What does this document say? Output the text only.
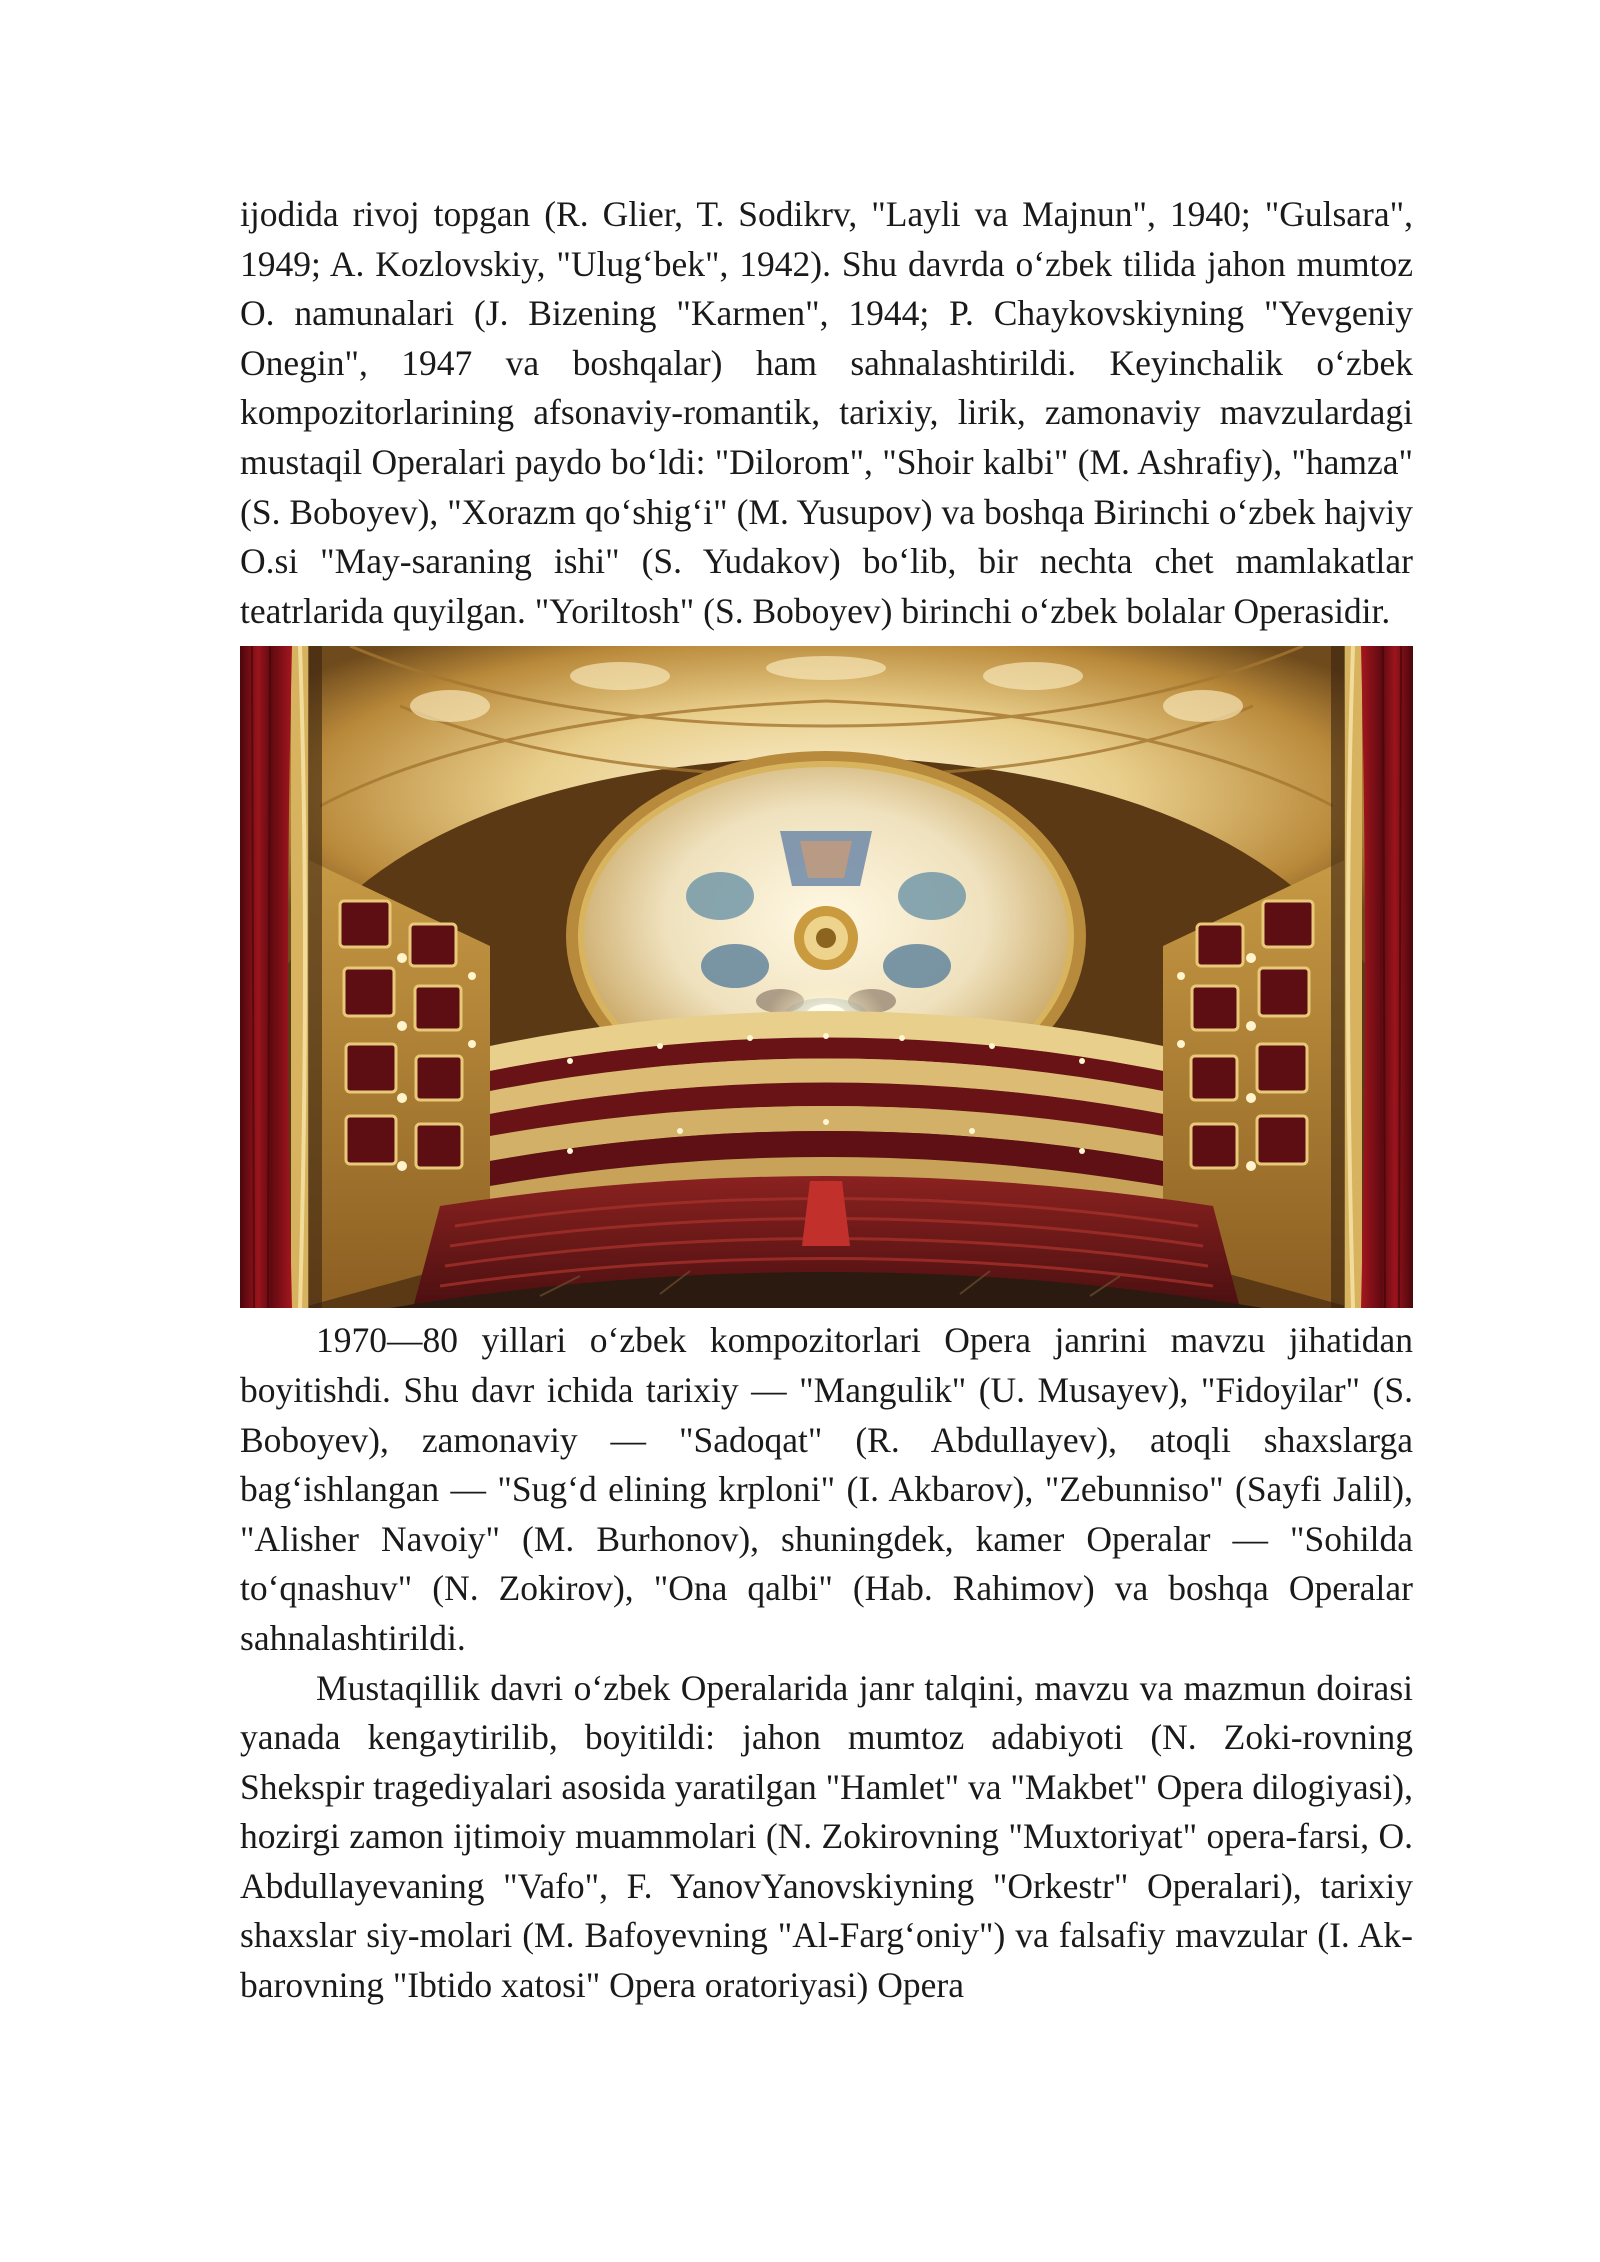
ijodida rivoj topgan (R. Glier, T. Sodikrv, "Layli va Majnun", 1940; "Gulsara", 1949; A. Kozlovskiy, "Ulug‘bek", 1942). Shu davrda o‘zbek tilida jahon mumtoz O. namunalari (J. Bizening "Karmen", 1944; P. Chaykovskiyning "Yevgeniy Onegin", 1947 va boshqalar) ham sahnalashtirildi. Keyinchalik o‘zbek kompozitorlarining afsonaviy-romantik, tarixiy, lirik, zamonaviy mavzulardagi mustaqil Operalari paydo bo‘ldi: "Dilorom", "Shoir kalbi" (M. Ashrafiy), "hamza" (S. Boboyev), "Xorazm qo‘shig‘i" (M. Yusupov) va boshqa Birinchi o‘zbek hajviy O.si "May-saraning ishi" (S. Yudakov) bo‘lib, bir nechta chet mamlakatlar teatrlarida quyilgan. "Yoriltosh" (S. Boboyev) birinchi o‘zbek bolalar Operasidir.

1970—80 yillari o‘zbek kompozitorlari Opera janrini mavzu jihatidan boyitishdi. Shu davr ichida tarixiy — "Mangulik" (U. Musayev), "Fidoyilar" (S. Boboyev), zamonaviy — "Sadoqat" (R. Abdullayev), atoqli shaxslarga bag‘ishlangan — "Sug‘d elining krploni" (I. Akbarov), "Zebunniso" (Sayfi Jalil), "Alisher Navoiy" (M. Burhonov), shuningdek, kamer Operalar — "Sohilda to‘qnashuv" (N. Zokirov), "Ona qalbi" (Hab. Rahimov) va boshqa Operalar sahnalashtirildi.

Mustaqillik davri o‘zbek Operalarida janr talqini, mavzu va mazmun doirasi yanada kengaytirilib, boyitildi: jahon mumtoz adabiyoti (N. Zoki-rovning Shekspir tragediyalari asosida yaratilgan "Hamlet" va "Makbet" Opera dilogiyasi), hozirgi zamon ijtimoiy muammolari (N. Zokirovning "Muxtoriyat" opera-farsi, O. Abdullayevaning "Vafo", F. YanovYanovskiyning "Orkestr" Operalari), tarixiy shaxslar siy-molari (M. Bafoyevning "Al-Farg‘oniy") va falsafiy mavzular (I. Ak-barovning "Ibtido xatosi" Opera oratoriyasi) Opera
